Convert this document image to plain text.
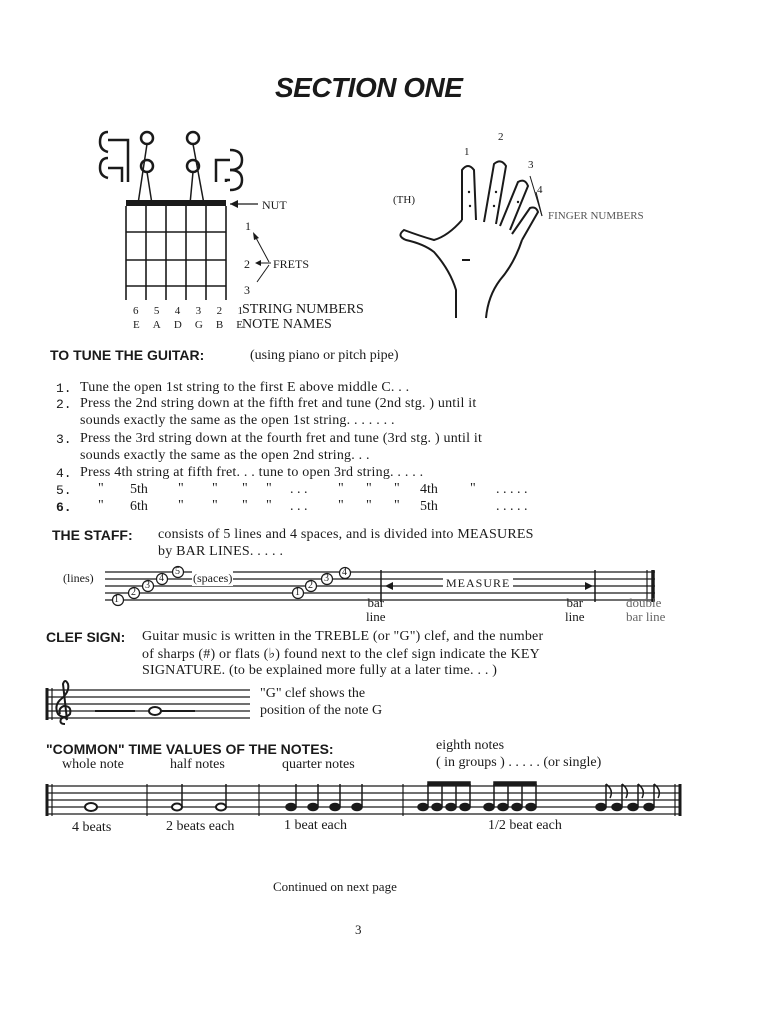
SECTION ONE
NUT
1
2
3
FRETS
6 5 4 3 2 1
E A D G B E
STRING NUMBERS
NOTE NAMES
(TH)
1
2
3
4
FINGER NUMBERS
TO TUNE THE GUITAR:	(using piano or pitch pipe)
1. Tune the open 1st string to the first E above middle C. . .
2. Press the 2nd string down at the fifth fret and tune (2nd stg. ) until it
sounds exactly the same as the open 1st string. . . . . . .
3. Press the 3rd string down at the fourth fret and tune (3rd stg. ) until it
sounds exactly the same as the open 2nd string. . .
4. Press 4th string at fifth fret. . . tune to open 3rd string. . . . .
5. " 5th " " " " . . . " " " 4th " . . . . .
6. " 6th " " " " . . . " " " 5th	. . . . .
THE STAFF: consists of 5 lines and 4 spaces, and is divided into MEASURES
by BAR LINES. . . . .
(lines)	(spaces)	MEASURE
1
2
3
4
5
1
2
3
4
bar
line
bar
line
double
bar line
CLEF SIGN: Guitar music is written in the TREBLE (or "G") clef, and the number
of sharps (#) or flats (♭) found next to the clef sign indicate the KEY
SIGNATURE. (to be explained more fully at a later time. . . )
"G" clef shows the
position of the note G
"COMMON" TIME VALUES OF THE NOTES:	eighth notes
( in groups ) . . . . . (or single)
whole note	half notes	quarter notes
4 beats	2 beats each	1 beat each	1/2 beat each
Continued on next page
3
